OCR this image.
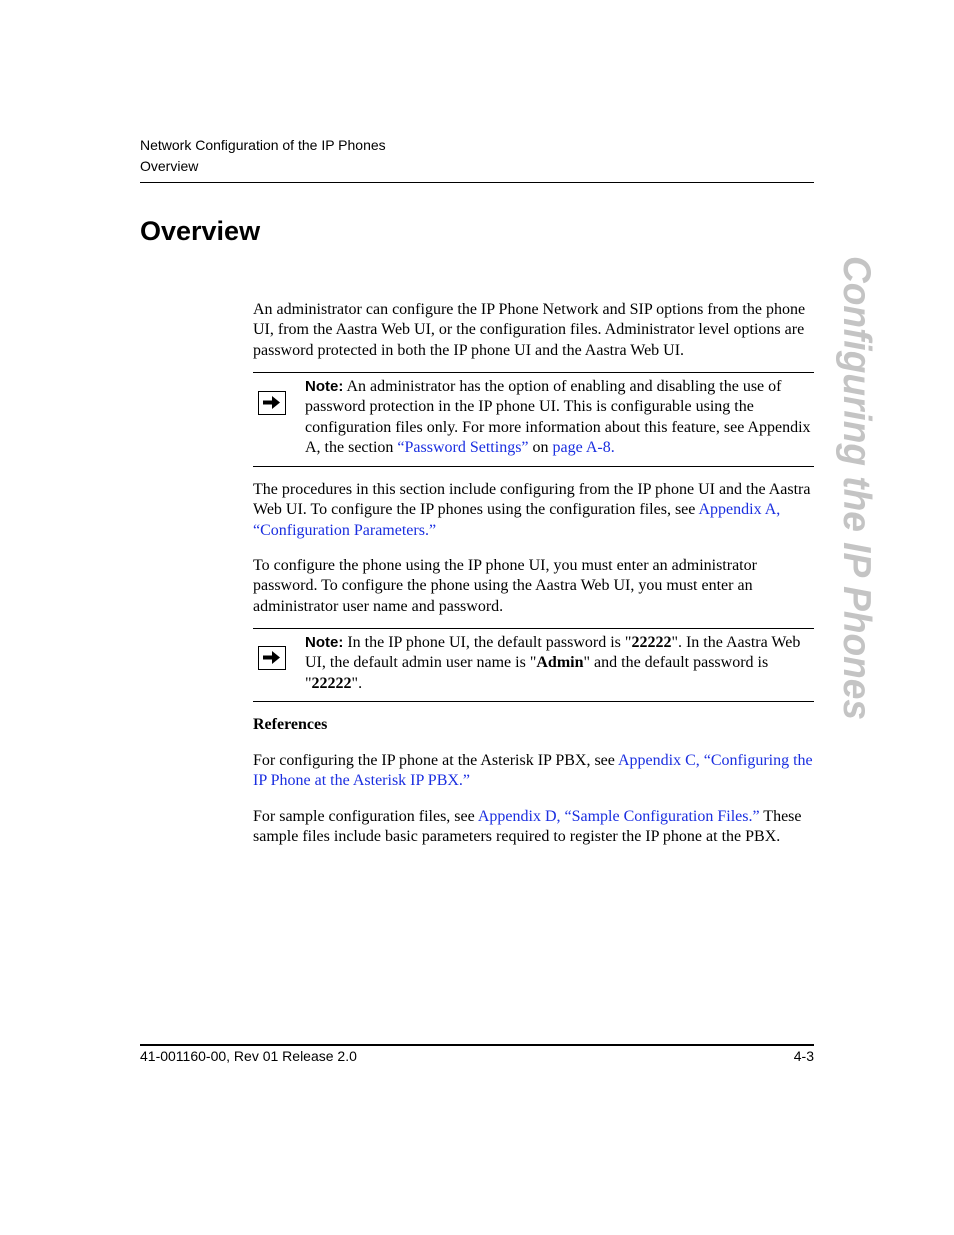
Network Configuration of the IP Phones
Overview
Overview
Configuring the IP Phones
An administrator can configure the IP Phone Network and SIP options from the phone UI, from the Aastra Web UI, or the configuration files. Administrator level options are password protected in both the IP phone UI and the Aastra Web UI.
Note: An administrator has the option of enabling and disabling the use of password protection in the IP phone UI. This is configurable using the configuration files only. For more information about this feature, see Appendix A, the section “Password Settings” on page A-8.
The procedures in this section include configuring from the IP phone UI and the Aastra Web UI. To configure the IP phones using the configuration files, see Appendix A, “Configuration Parameters.”
To configure the phone using the IP phone UI, you must enter an administrator password. To configure the phone using the Aastra Web UI, you must enter an administrator user name and password.
Note: In the IP phone UI, the default password is "22222". In the Aastra Web UI, the default admin user name is "Admin" and the default password is "22222".
References
For configuring the IP phone at the Asterisk IP PBX, see Appendix C, “Configuring the IP Phone at the Asterisk IP PBX.”
For sample configuration files, see Appendix D, “Sample Configuration Files.” These sample files include basic parameters required to register the IP phone at the PBX.
41-001160-00, Rev 01 Release 2.0	4-3
